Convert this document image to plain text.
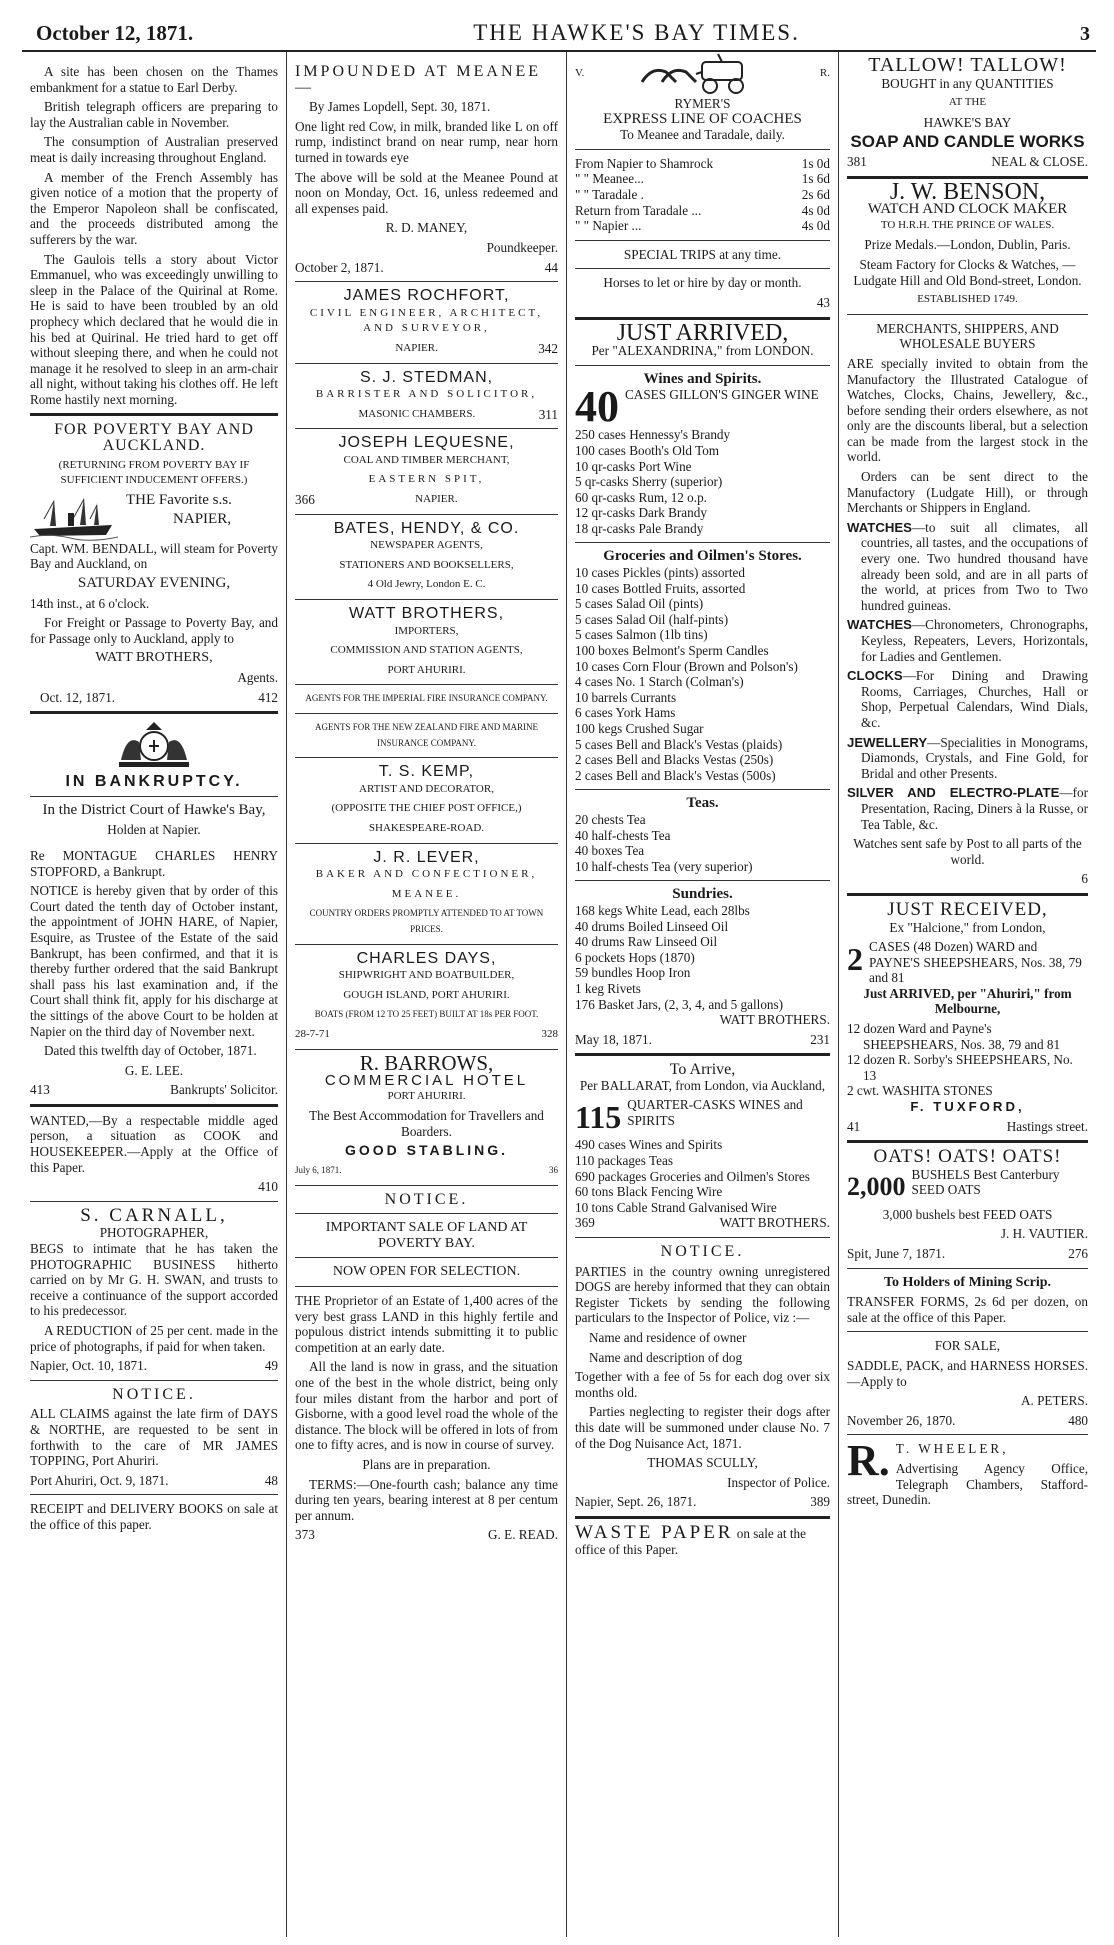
October 12, 1871.	THE HAWKE'S BAY TIMES.	3

A site has been chosen on the Thames embankment for a statue to Earl Derby.

British telegraph officers are preparing to lay the Australian cable in November.

The consumption of Australian preserved meat is daily increasing throughout England.

A member of the French Assembly has given notice of a motion that the property of the Emperor Napoleon shall be confiscated, and the proceeds distributed among the sufferers by the war.

The Gaulois tells a story about Victor Emmanuel, who was exceedingly unwilling to sleep in the Palace of the Quirinal at Rome. He is said to have been troubled by an old prophecy which declared that he would die in his bed at Quirinal. He tried hard to get off without sleeping there, and when he could not manage it he resolved to sleep in an arm-chair all night, without taking his clothes off. He left Rome hastily next morning.

FOR POVERTY BAY AND AUCKLAND.

(RETURNING FROM POVERTY BAY IF SUFFICIENT INDUCEMENT OFFERS.)

THE Favorite s.s.

NAPIER,

Capt. WM. BENDALL, will steam for Poverty Bay and Auckland, on

SATURDAY EVENING,

14th inst., at 6 o'clock.

For Freight or Passage to Poverty Bay, and for Passage only to Auckland, apply to

WATT BROTHERS,

Agents.

Oct. 12, 1871.	412
IN BANKRUPTCY.

In the District Court of Hawke's Bay,

Holden at Napier.

Re MONTAGUE CHARLES HENRY STOPFORD, a Bankrupt.

NOTICE is hereby given that by order of this Court dated the tenth day of October instant, the appointment of JOHN HARE, of Napier, Esquire, as Trustee of the Estate of the said Bankrupt, has been confirmed, and that it is thereby further ordered that the said Bankrupt shall pass his last examination and, if the Court shall think fit, apply for his discharge at the sittings of the above Court to be holden at Napier on the third day of November next.

Dated this twelfth day of October, 1871.

G. E. LEE.

413	Bankrupts' Solicitor.

WANTED,—By a respectable middle aged person, a situation as COOK and HOUSEKEEPER.—Apply at the Office of this Paper.

410

S. CARNALL,
PHOTOGRAPHER,

BEGS to intimate that he has taken the PHOTOGRAPHIC BUSINESS hitherto carried on by Mr G. H. SWAN, and trusts to receive a continuance of the support accorded to his predecessor.

A REDUCTION of 25 per cent. made in the price of photographs, if paid for when taken.

Napier, Oct. 10, 1871.	49
NOTICE.

ALL CLAIMS against the late firm of DAYS & NORTHE, are requested to be sent in forthwith to the care of MR JAMES TOPPING, Port Ahuriri.

Port Ahuriri, Oct. 9, 1871.	48

RECEIPT and DELIVERY BOOKS on sale at the office of this paper.

IMPOUNDED AT MEANEE—

By James Lopdell, Sept. 30, 1871.

One light red Cow, in milk, branded like L on off rump, indistinct brand on near rump, near horn turned in towards eye

The above will be sold at the Meanee Pound at noon on Monday, Oct. 16, unless redeemed and all expenses paid.

R. D. MANEY,

Poundkeeper.

October 2, 1871.	44
JAMES ROCHFORT,

CIVIL ENGINEER, ARCHITECT, AND SURVEYOR,

NAPIER.	342
S. J. STEDMAN,

BARRISTER AND SOLICITOR,

MASONIC CHAMBERS.	311
JOSEPH LEQUESNE,

COAL AND TIMBER MERCHANT,

EASTERN SPIT,

366	NAPIER.
BATES, HENDY, & CO.

NEWSPAPER AGENTS,

STATIONERS AND BOOKSELLERS,

4 Old Jewry, London E. C.

WATT BROTHERS,

IMPORTERS,

COMMISSION AND STATION AGENTS,

PORT AHURIRI.

AGENTS FOR THE IMPERIAL FIRE INSURANCE COMPANY.

AGENTS FOR THE NEW ZEALAND FIRE AND MARINE INSURANCE COMPANY.

T. S. KEMP,

ARTIST AND DECORATOR,

(OPPOSITE THE CHIEF POST OFFICE,)

SHAKESPEARE-ROAD.

J. R. LEVER,

BAKER AND CONFECTIONER,

MEANEE.

COUNTRY ORDERS PROMPTLY ATTENDED TO AT TOWN PRICES.

CHARLES DAYS,

SHIPWRIGHT AND BOATBUILDER,

GOUGH ISLAND, PORT AHURIRI.

BOATS (FROM 12 TO 25 FEET) BUILT AT 18s PER FOOT.

28-7-71	328
R. BARROWS,
COMMERCIAL HOTEL

PORT AHURIRI.

The Best Accommodation for Travellers and Boarders.

GOOD STABLING.

July 6, 1871.	36
NOTICE.

IMPORTANT SALE OF LAND AT POVERTY BAY.

NOW OPEN FOR SELECTION.

THE Proprietor of an Estate of 1,400 acres of the very best grass LAND in this highly fertile and populous district intends submitting it to public competition at an early date.

All the land is now in grass, and the situation one of the best in the whole district, being only four miles distant from the harbor and port of Gisborne, with a good level road the whole of the distance. The block will be offered in lots of from one to fifty acres, and is now in course of survey.

Plans are in preparation.

TERMS:—One-fourth cash; balance any time during ten years, bearing interest at 8 per centum per annum.

373	G. E. READ.
V.	R.
RYMER'S
EXPRESS LINE OF COACHES

To Meanee and Taradale, daily.

From Napier to Shamrock	1s 0d
" " Meanee...	1s 6d
" " Taradale .	2s 6d
Return from Taradale ...	4s 0d
" " Napier ...	4s 0d

SPECIAL TRIPS at any time.

Horses to let or hire by day or month.

43

JUST ARRIVED,

Per "ALEXANDRINA," from LONDON.

Wines and Spirits.
40 CASES GILLON'S GINGER WINE
250 cases Hennessy's Brandy
100 cases Booth's Old Tom
10 qr-casks Port Wine
5 qr-casks Sherry (superior)
60 qr-casks Rum, 12 o.p.
12 qr-casks Dark Brandy
18 qr-casks Pale Brandy
Groceries and Oilmen's Stores.
10 cases Pickles (pints) assorted
10 cases Bottled Fruits, assorted
5 cases Salad Oil (pints)
5 cases Salad Oil (half-pints)
5 cases Salmon (1lb tins)
100 boxes Belmont's Sperm Candles
10 cases Corn Flour (Brown and Polson's)
4 cases No. 1 Starch (Colman's)
10 barrels Currants
6 cases York Hams
100 kegs Crushed Sugar
5 cases Bell and Black's Vestas (plaids)
2 cases Bell and Blacks Vestas (250s)
2 cases Bell and Black's Vestas (500s)
Teas.
20 chests Tea
40 half-chests Tea
40 boxes Tea
10 half-chests Tea (very superior)
Sundries.
168 kegs White Lead, each 28lbs
40 drums Boiled Linseed Oil
40 drums Raw Linseed Oil
6 pockets Hops (1870)
59 bundles Hoop Iron
1 keg Rivets
176 Basket Jars, (2, 3, 4, and 5 gallons)

WATT BROTHERS.

May 18, 1871.	231
To Arrive,

Per BALLARAT, from London, via Auckland,

115 QUARTER-CASKS WINES and SPIRITS
490 cases Wines and Spirits
110 packages Teas
690 packages Groceries and Oilmen's Stores
60 tons Black Fencing Wire
10 tons Cable Strand Galvanised Wire
369	WATT BROTHERS.
NOTICE.

PARTIES in the country owning unregistered DOGS are hereby informed that they can obtain Register Tickets by sending the following particulars to the Inspector of Police, viz :—

Name and residence of owner

Name and description of dog

Together with a fee of 5s for each dog over six months old.

Parties neglecting to register their dogs after this date will be summoned under clause No. 7 of the Dog Nuisance Act, 1871.

THOMAS SCULLY,

Inspector of Police.

Napier, Sept. 26, 1871.	389
WASTE PAPER on sale at the office of this Paper.
TALLOW! TALLOW!

BOUGHT in any QUANTITIES

AT THE

HAWKE'S BAY

SOAP AND CANDLE WORKS

381	NEAL & CLOSE.
J. W. BENSON,
WATCH AND CLOCK MAKER

TO H.R.H. THE PRINCE OF WALES.

Prize Medals.—London, Dublin, Paris.

Steam Factory for Clocks & Watches, —Ludgate Hill and Old Bond-street, London.

ESTABLISHED 1749.

MERCHANTS, SHIPPERS, AND WHOLESALE BUYERS

ARE specially invited to obtain from the Manufactory the Illustrated Catalogue of Watches, Clocks, Chains, Jewellery, &c., before sending their orders elsewhere, as not only are the discounts liberal, but a selection can be made from the largest stock in the world.

Orders can be sent direct to the Manufactory (Ludgate Hill), or through Merchants or Shippers in England.

WATCHES—to suit all climates, all countries, all tastes, and the occupations of every one. Two hundred thousand have already been sold, and are in all parts of the world, at prices from Two to Two hundred guineas.

WATCHES—Chronometers, Chronographs, Keyless, Repeaters, Levers, Horizontals, for Ladies and Gentlemen.

CLOCKS—For Dining and Drawing Rooms, Carriages, Churches, Hall or Shop, Perpetual Calendars, Wind Dials, &c.

JEWELLERY—Specialities in Monograms, Diamonds, Crystals, and Fine Gold, for Bridal and other Presents.

SILVER AND ELECTRO-PLATE—for Presentation, Racing, Diners à la Russe, or Tea Table, &c.

Watches sent safe by Post to all parts of the world.

6

JUST RECEIVED,

Ex "Halcione," from London,

2 CASES (48 Dozen) WARD and PAYNE'S SHEEPSHEARS, Nos. 38, 79 and 81

Just ARRIVED, per "Ahuriri," from Melbourne,

12 dozen Ward and Payne's SHEEPSHEARS, Nos. 38, 79 and 81
12 dozen R. Sorby's SHEEPSHEARS, No. 13
2 cwt. WASHITA STONES

F. TUXFORD,

41	Hastings street.
OATS! OATS! OATS!
2,000 BUSHELS Best Canterbury SEED OATS

3,000 bushels best FEED OATS

J. H. VAUTIER.

Spit, June 7, 1871.	276

To Holders of Mining Scrip.

TRANSFER FORMS, 2s 6d per dozen, on sale at the office of this Paper.

FOR SALE,

SADDLE, PACK, and HARNESS HORSES.—Apply to

A. PETERS.

November 26, 1870.	480
R. T. WHEELER,

Advertising Agency Office, Telegraph Chambers, Stafford-street, Dunedin.
